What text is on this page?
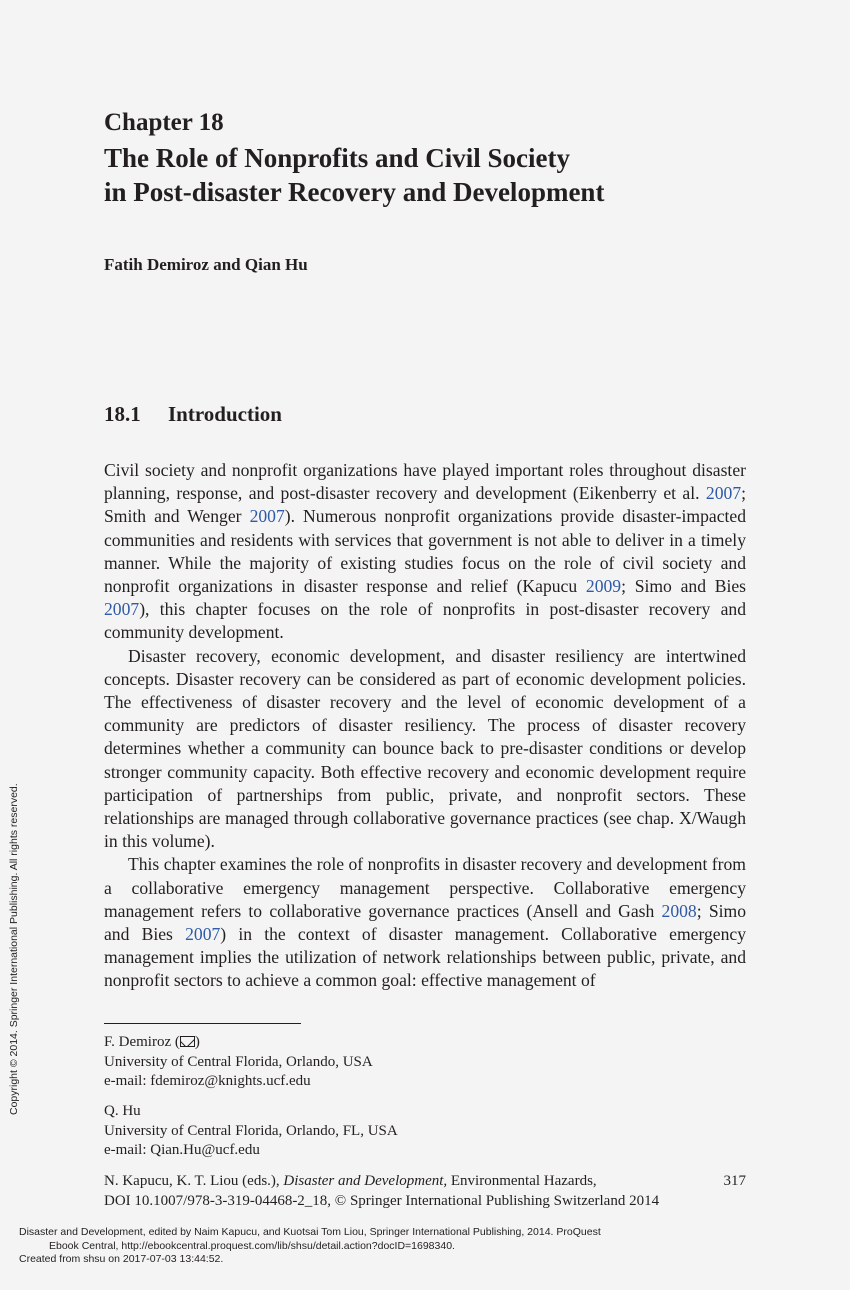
Chapter 18
The Role of Nonprofits and Civil Society
in Post-disaster Recovery and Development
Fatih Demiroz and Qian Hu
18.1 Introduction

Civil society and nonprofit organizations have played important roles throughout disaster planning, response, and post-disaster recovery and development (Eikenberry et al. 2007; Smith and Wenger 2007). Numerous nonprofit organizations provide disaster-impacted communities and residents with services that government is not able to deliver in a timely manner. While the majority of existing studies focus on the role of civil society and nonprofit organizations in disaster response and relief (Kapucu 2009; Simo and Bies 2007), this chapter focuses on the role of nonprofits in post-disaster recovery and community development.

Disaster recovery, economic development, and disaster resiliency are intertwined concepts. Disaster recovery can be considered as part of economic development policies. The effectiveness of disaster recovery and the level of economic development of a community are predictors of disaster resiliency. The process of disaster recovery determines whether a community can bounce back to pre-disaster conditions or develop stronger community capacity. Both effective recovery and economic development require participation of partnerships from public, private, and nonprofit sectors. These relationships are managed through collaborative governance practices (see chap. X/Waugh in this volume).

This chapter examines the role of nonprofits in disaster recovery and development from a collaborative emergency management perspective. Collaborative emergency management refers to collaborative governance practices (Ansell and Gash 2008; Simo and Bies 2007) in the context of disaster management. Collaborative emergency management implies the utilization of network relationships between public, private, and nonprofit sectors to achieve a common goal: effective management of

F. Demiroz ( )
University of Central Florida, Orlando, USA
e-mail: fdemiroz@knights.ucf.edu
Q. Hu
University of Central Florida, Orlando, FL, USA
e-mail: Qian.Hu@ucf.edu
N. Kapucu, K. T. Liou (eds.), Disaster and Development, Environmental Hazards,
DOI 10.1007/978-3-319-04468-2_18, © Springer International Publishing Switzerland 2014
317
Copyright © 2014. Springer International Publishing. All rights reserved.
Disaster and Development, edited by Naim Kapucu, and Kuotsai Tom Liou, Springer International Publishing, 2014. ProQuest
Ebook Central, http://ebookcentral.proquest.com/lib/shsu/detail.action?docID=1698340.
Created from shsu on 2017-07-03 13:44:52.
